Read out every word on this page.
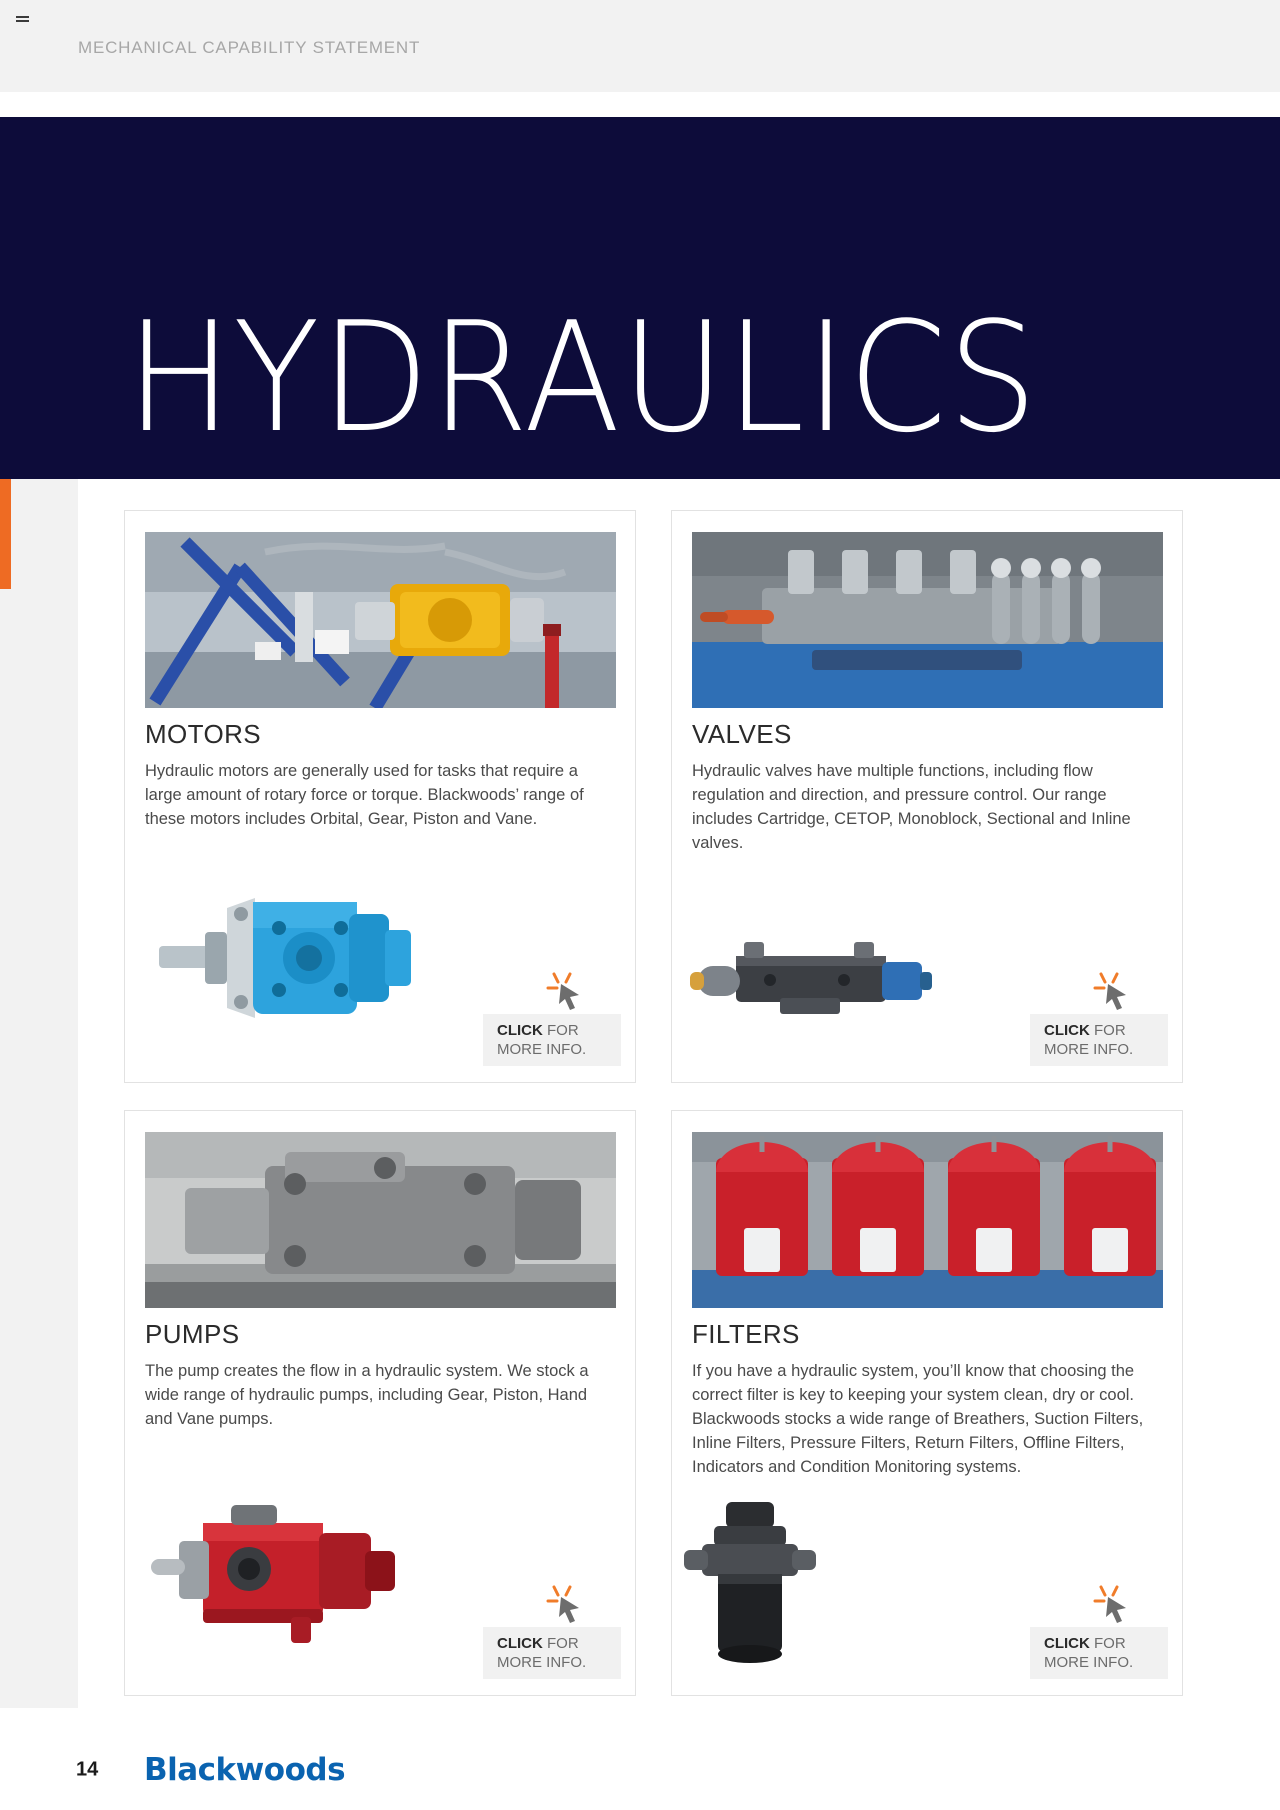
MECHANICAL CAPABILITY STATEMENT
HYDRAULICS
MOTORS
Hydraulic motors are generally used for tasks that require a large amount of rotary force or torque. Blackwoods’ range of these motors includes Orbital, Gear, Piston and Vane.
CLICK FOR
MORE INFO.
VALVES
Hydraulic valves have multiple functions, including flow regulation and direction, and pressure control. Our range includes Cartridge, CETOP, Monoblock, Sectional and Inline valves.
CLICK FOR
MORE INFO.
PUMPS
The pump creates the flow in a hydraulic system. We stock a wide range of hydraulic pumps, including Gear, Piston, Hand and Vane pumps.
CLICK FOR
MORE INFO.
FILTERS
If you have a hydraulic system, you’ll know that choosing the correct filter is key to keeping your system clean, dry or cool. Blackwoods stocks a wide range of Breathers, Suction Filters, Inline Filters, Pressure Filters, Return Filters, Offline Filters, Indicators and Condition Monitoring systems.
CLICK FOR
MORE INFO.
14 Blackwoods
